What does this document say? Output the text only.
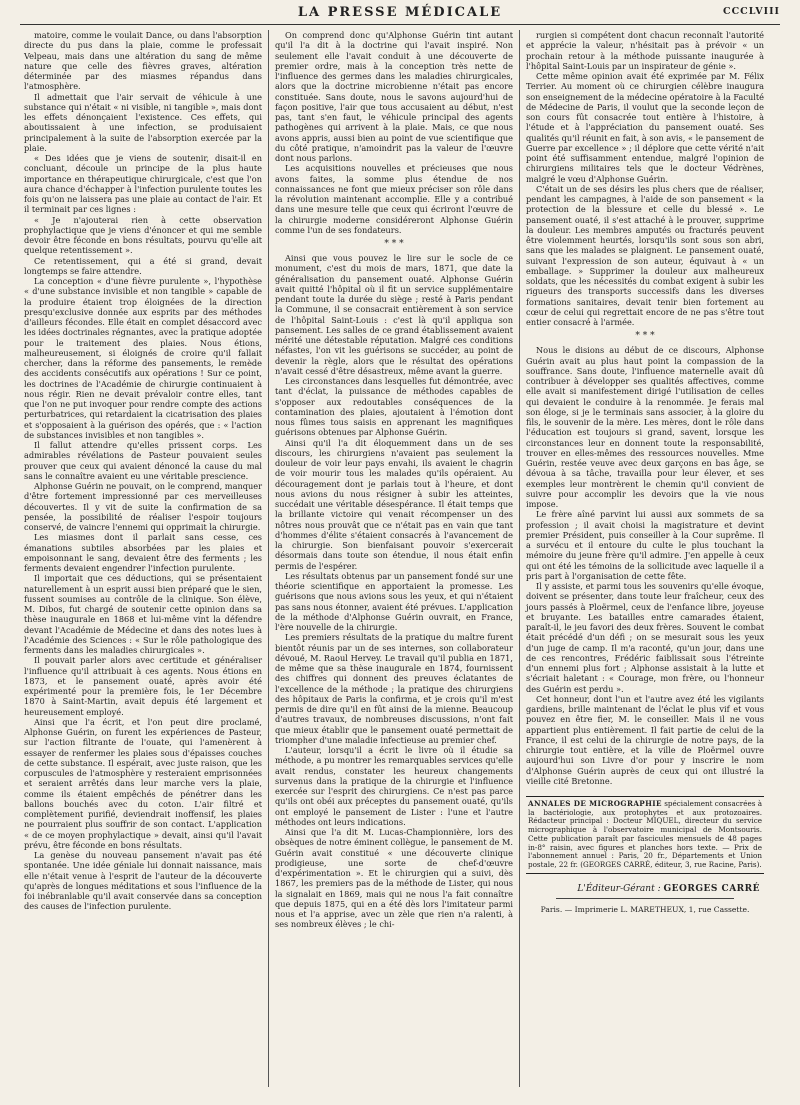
LA PRESSE MÉDICALE	CCCLVIII

matoire, comme le voulait Dance, ou dans l'absorption directe du pus dans la plaie, comme le professait Velpeau, mais dans une altération du sang de même nature que celle des fièvres graves, altération déterminée par des miasmes répandus dans l'atmosphère.

Il admettait que l'air servait de véhicule à une substance qui n'était « ni visible, ni tangible », mais dont les effets dénonçaient l'existence. Ces effets, qui aboutissaient à une infection, se produisaient principalement à la suite de l'absorption exercée par la plaie.

« Des idées que je viens de soutenir, disait-il en concluant, découle un principe de la plus haute importance en thérapeutique chirurgicale, c'est que l'on aura chance d'échapper à l'infection purulente toutes les fois qu'on ne laissera pas une plaie au contact de l'air. Et il terminait par ces lignes :

« Je n'ajouterai rien à cette observation prophylactique que je viens d'énoncer et qui me semble devoir être féconde en bons résultats, pourvu qu'elle ait quelque retentissement ».

Ce retentissement, qui a été si grand, devait longtemps se faire attendre.

La conception « d'une fièvre purulente », l'hypothèse « d'une substance invisible et non tangible » capable de la produire étaient trop éloignées de la direction presqu'exclusive donnée aux esprits par des méthodes d'ailleurs fécondes. Elle était en complet désaccord avec les idées doctrinales régnantes, avec la pratique adoptée pour le traitement des plaies. Nous étions, malheureusement, si éloignés de croire qu'il fallait chercher, dans la réforme des pansements, le remède des accidents consécutifs aux opérations ! Sur ce point, les doctrines de l'Académie de chirurgie continuaient à nous régir. Rien ne devait prévaloir contre elles, tant que l'on ne put invoquer pour rendre compte des actions perturbatrices, qui retardaient la cicatrisation des plaies et s'opposaient à la guérison des opérés, que : « l'action de substances invisibles et non tangibles ».

Il fallut attendre qu'elles prissent corps. Les admirables révélations de Pasteur pouvaient seules prouver que ceux qui avaient dénoncé la cause du mal sans le connaître avaient eu une véritable prescience.

Alphonse Guérin ne pouvait, on le comprend, manquer d'être fortement impressionné par ces merveilleuses découvertes. Il y vit de suite la confirmation de sa pensée, la possibilité de réaliser l'espoir toujours conservé, de vaincre l'ennemi qui opprimait la chirurgie.

Les miasmes dont il parlait sans cesse, ces émanations subtiles absorbées par les plaies et empoisonnant le sang, devaient être des ferments ; les ferments devaient engendrer l'infection purulente.

Il importait que ces déductions, qui se présentaient naturellement à un esprit aussi bien préparé que le sien, fussent soumises au contrôle de la clinique. Son élève, M. Dibos, fut chargé de soutenir cette opinion dans sa thèse inaugurale en 1868 et lui-même vint la défendre devant l'Académie de Médecine et dans des notes lues à l'Académie des Sciences : « Sur le rôle pathologique des ferments dans les maladies chirurgicales ».

Il pouvait parler alors avec certitude et généraliser l'influence qu'il attribuait à ces agents. Nous étions en 1873, et le pansement ouaté, après avoir été expérimenté pour la première fois, le 1er Décembre 1870 à Saint-Martin, avait depuis été largement et heureusement employé.

Ainsi que l'a écrit, et l'on peut dire proclamé, Alphonse Guérin, on furent les expériences de Pasteur, sur l'action filtrante de l'ouate, qui l'amenèrent à essayer de renfermer les plaies sous d'épaisses couches de cette substance. Il espérait, avec juste raison, que les corpuscules de l'atmosphère y resteraient emprisonnées et seraient arrêtés dans leur marche vers la plaie, comme ils étaient empêchés de pénétrer dans les ballons bouchés avec du coton. L'air filtré et complètement purifié, deviendrait inoffensif, les plaies ne pourraient plus souffrir de son contact. L'application « de ce moyen prophylactique » devait, ainsi qu'il l'avait prévu, être féconde en bons résultats.

La genèse du nouveau pansement n'avait pas été spontanée. Une idée géniale lui donnait naissance, mais elle n'était venue à l'esprit de l'auteur de la découverte qu'après de longues méditations et sous l'influence de la foi inébranlable qu'il avait conservée dans sa conception des causes de l'infection purulente.

On comprend donc qu'Alphonse Guérin tint autant qu'il l'a dit à la doctrine qui l'avait inspiré. Non seulement elle l'avait conduit à une découverte de premier ordre, mais à la conception très nette de l'influence des germes dans les maladies chirurgicales, alors que la doctrine microbienne n'était pas encore constituée. Sans doute, nous le savons aujourd'hui de façon positive, l'air que tous accusaient au début, n'est pas, tant s'en faut, le véhicule principal des agents pathogènes qui arrivent à la plaie. Mais, ce que nous avons appris, aussi bien au point de vue scientifique que du côté pratique, n'amoindrit pas la valeur de l'œuvre dont nous parlons.

Les acquisitions nouvelles et précieuses que nous avons faites, la somme plus étendue de nos connaissances ne font que mieux préciser son rôle dans la révolution maintenant accomplie. Elle y a contribué dans une mesure telle que ceux qui écriront l'œuvre de la chirurgie moderne considéreront Alphonse Guérin comme l'un de ses fondateurs.

* * *

Ainsi que vous pouvez le lire sur le socle de ce monument, c'est du mois de mars, 1871, que date la généralisation du pansement ouaté. Alphonse Guérin avait quitté l'hôpital où il fit un service supplémentaire pendant toute la durée du siège ; resté à Paris pendant la Commune, il se consacrait entièrement à son service de l'hôpital Saint-Louis : c'est là qu'il appliqua son pansement. Les salles de ce grand établissement avaient mérité une détestable réputation. Malgré ces conditions néfastes, l'on vit les guérisons se succéder, au point de devenir la règle, alors que le résultat des opérations n'avait cessé d'être désastreux, même avant la guerre.

Les circonstances dans lesquelles fut démontrée, avec tant d'éclat, la puissance de méthodes capables de s'opposer aux redoutables conséquences de la contamination des plaies, ajoutaient à l'émotion dont nous fûmes tous saisis en apprenant les magnifiques guérisons obtenues par Alphonse Guérin.

Ainsi qu'il l'a dit éloquemment dans un de ses discours, les chirurgiens n'avaient pas seulement la douleur de voir leur pays envahi, ils avaient le chagrin de voir mourir tous les malades qu'ils opéraient. Au découragement dont je parlais tout à l'heure, et dont nous avions du nous résigner à subir les atteintes, succédait une véritable désespérance. Il était temps que la brillante victoire qui venait récompenser un des nôtres nous prouvât que ce n'était pas en vain que tant d'hommes d'élite s'étaient consacrés à l'avancement de la chirurgie. Son bienfaisant pouvoir s'exercerait désormais dans toute son étendue, il nous était enfin permis de l'espérer.

Les résultats obtenus par un pansement fondé sur une théorie scientifique en apportaient la promesse. Les guérisons que nous avions sous les yeux, et qui n'étaient pas sans nous étonner, avaient été prévues. L'application de la méthode d'Alphonse Guérin ouvrait, en France, l'ère nouvelle de la chirurgie.

Les premiers résultats de la pratique du maître furent bientôt réunis par un de ses internes, son collaborateur dévoué, M. Raoul Hervey. Le travail qu'il publia en 1871, de même que sa thèse inaugurale en 1874, fournissent des chiffres qui donnent des preuves éclatantes de l'excellence de la méthode ; la pratique des chirurgiens des hôpitaux de Paris la confirma, et je crois qu'il m'est permis de dire qu'il en fût ainsi de la mienne. Beaucoup d'autres travaux, de nombreuses discussions, n'ont fait que mieux établir que le pansement ouaté permettait de triompher d'une maladie infectieuse au premier chef.

L'auteur, lorsqu'il a écrit le livre où il étudie sa méthode, a pu montrer les remarquables services qu'elle avait rendus, constater les heureux changements survenus dans la pratique de la chirurgie et l'influence exercée sur l'esprit des chirurgiens. Ce n'est pas parce qu'ils ont obéi aux préceptes du pansement ouaté, qu'ils ont employé le pansement de Lister : l'une et l'autre méthodes ont leurs indications.

Ainsi que l'a dit M. Lucas-Championnière, lors des obsèques de notre éminent collègue, le pansement de M. Guérin avait constitué « une découverte clinique prodigieuse, une sorte de chef-d'œuvre d'expérimentation ». Et le chirurgien qui a suivi, dès 1867, les premiers pas de la méthode de Lister, qui nous la signalait en 1869, mais qui ne nous l'a fait connaître que depuis 1875, qui en a été dès lors l'imitateur parmi nous et l'a apprise, avec un zèle que rien n'a ralenti, à ses nombreux élèves ; le chi-

rurgien si compétent dont chacun reconnaît l'autorité et apprécie la valeur, n'hésitait pas à prévoir « un prochain retour à la méthode puissante inaugurée à l'hôpital Saint-Louis par un inspirateur de génie ».

Cette même opinion avait été exprimée par M. Félix Terrier. Au moment où ce chirurgien célèbre inaugura son enseignement de la médecine opératoire à la Faculté de Médecine de Paris, il voulut que la seconde leçon de son cours fût consacrée tout entière à l'histoire, à l'étude et à l'appréciation du pansement ouaté. Ses qualités qu'il réunit en fait, à son avis, « le pansement de Guerre par excellence » ; il déplore que cette vérité n'ait point été suffisamment entendue, malgré l'opinion de chirurgiens militaires tels que le docteur Védrènes, malgré le vœu d'Alphonse Guérin.

C'était un de ses désirs les plus chers que de réaliser, pendant les campagnes, à l'aide de son pansement « la protection de la blessure et celle du blessé ». Le pansement ouaté, il s'est attaché à le prouver, supprime la douleur. Les membres amputés ou fracturés peuvent être violemment heurtés, lorsqu'ils sont sous son abri, sans que les malades se plaignent. Le pansement ouaté, suivant l'expression de son auteur, équivaut à « un emballage. » Supprimer la douleur aux malheureux soldats, que les nécessités du combat exigent à subir les rigueurs des transports successifs dans les diverses formations sanitaires, devait tenir bien fortement au cœur de celui qui regrettait encore de ne pas s'être tout entier consacré à l'armée.

* * *

Nous le disions au début de ce discours, Alphonse Guérin avait au plus haut point la compassion de la souffrance. Sans doute, l'influence maternelle avait dû contribuer à développer ses qualités affectives, comme elle avait si manifestement dirigé l'utilisation de celles qui devaient le conduire à la renommée. Je ferais mal son éloge, si je le terminais sans associer, à la gloire du fils, le souvenir de la mère. Les mères, dont le rôle dans l'éducation est toujours si grand, savent, lorsque les circonstances leur en donnent toute la responsabilité, trouver en elles-mêmes des ressources nouvelles. Mme Guérin, restée veuve avec deux garçons en bas âge, se dévoua à sa tâche, travailla pour leur élever, et ses exemples leur montrèrent le chemin qu'il convient de suivre pour accomplir les devoirs que la vie nous impose.

Le frère aîné parvint lui aussi aux sommets de sa profession ; il avait choisi la magistrature et devint premier Président, puis conseiller à la Cour suprême. Il a survécu et il entoure du culte le plus touchant la mémoire du jeune frère qu'il admire. J'en appelle à ceux qui ont été les témoins de la sollicitude avec laquelle il a pris part à l'organisation de cette fête.

Il y assiste, et parmi tous les souvenirs qu'elle évoque, doivent se présenter, dans toute leur fraîcheur, ceux des jours passés à Ploërmel, ceux de l'enfance libre, joyeuse et bruyante. Les batailles entre camarades étaient, paraît-il, le jeu favori des deux frères. Souvent le combat était précédé d'un défi ; on se mesurait sous les yeux d'un juge de camp. Il m'a raconté, qu'un jour, dans une de ces rencontres, Frédéric faiblissait sous l'étreinte d'un ennemi plus fort ; Alphonse assistait à la lutte et s'écriait haletant : « Courage, mon frère, ou l'honneur des Guérin est perdu ».

Cet honneur, dont l'un et l'autre avez été les vigilants gardiens, brille maintenant de l'éclat le plus vif et vous pouvez en être fier, M. le conseiller. Mais il ne vous appartient plus entièrement. Il fait partie de celui de la France, il est celui de la chirurgie de notre pays, de la chirurgie tout entière, et la ville de Ploërmel ouvre aujourd'hui son Livre d'or pour y inscrire le nom d'Alphonse Guérin auprès de ceux qui ont illustré la vieille cité Bretonne.

ANNALES DE MICROGRAPHIE spécialement consacrées à la bactériologie, aux protophytes et aux protozoaires. Rédacteur principal : Docteur MIQUEL, directeur du service micrographique à l'observatoire municipal de Montsouris. Cette publication paraît par fascicules mensuels de 48 pages in-8° raisin, avec figures et planches hors texte. — Prix de l'abonnement annuel : Paris, 20 fr., Départements et Union postale, 22 fr. (GEORGES CARRÉ, éditeur, 3, rue Racine, Paris).
L'Éditeur-Gérant : GEORGES CARRÉ
Paris. — Imprimerie L. MARETHEUX, 1, rue Cassette.
